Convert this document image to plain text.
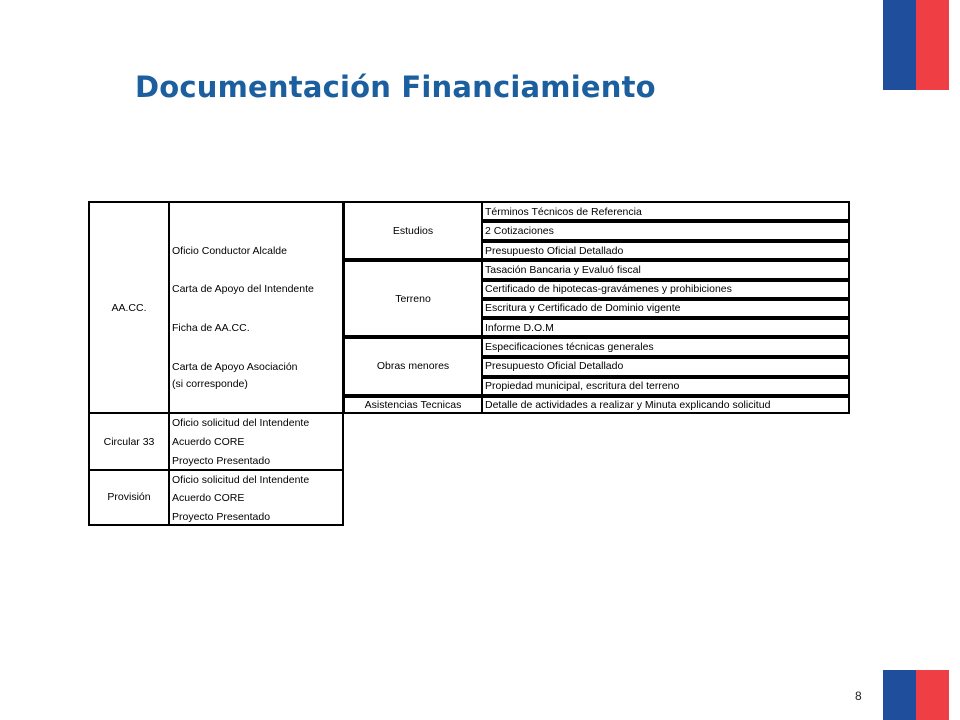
Documentación Financiamiento
AA.CC.
Circular 33
Provisión
Oficio Conductor Alcalde
Carta de Apoyo del Intendente
Ficha de AA.CC.
Carta de Apoyo Asociación
(si corresponde)
Oficio solicitud del Intendente
Acuerdo CORE
Proyecto Presentado
Oficio solicitud del Intendente
Acuerdo CORE
Proyecto Presentado
Estudios
Terreno
Obras menores
Asistencias Tecnicas
Términos Técnicos de Referencia
2 Cotizaciones
Presupuesto Oficial Detallado
Tasación Bancaria y Evaluó fiscal
Certificado de hipotecas-gravámenes y prohibiciones
Escritura y Certificado de Dominio vigente
Informe D.O.M
Especificaciones técnicas generales
Presupuesto Oficial Detallado
Propiedad municipal, escritura del terreno
Detalle de actividades a realizar y Minuta explicando solicitud
8
